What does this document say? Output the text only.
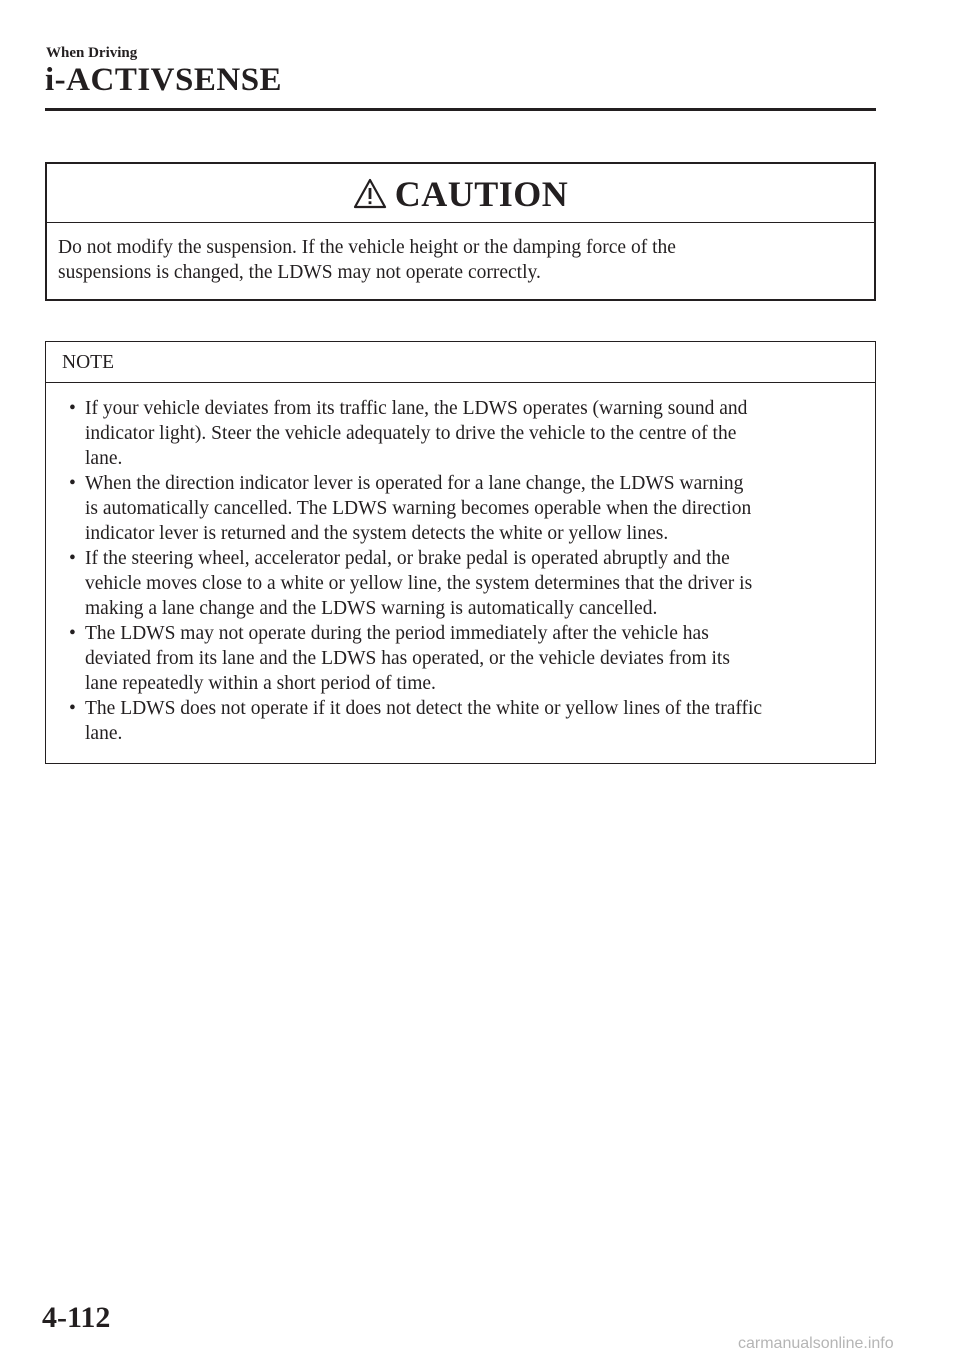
When Driving
i-ACTIVSENSE
CAUTION
Do not modify the suspension. If the vehicle height or the damping force of the
suspensions is changed, the LDWS may not operate correctly.
NOTE
• If your vehicle deviates from its traffic lane, the LDWS operates (warning sound and
indicator light). Steer the vehicle adequately to drive the vehicle to the centre of the
lane.
• When the direction indicator lever is operated for a lane change, the LDWS warning
is automatically cancelled. The LDWS warning becomes operable when the direction
indicator lever is returned and the system detects the white or yellow lines.
• If the steering wheel, accelerator pedal, or brake pedal is operated abruptly and the
vehicle moves close to a white or yellow line, the system determines that the driver is
making a lane change and the LDWS warning is automatically cancelled.
• The LDWS may not operate during the period immediately after the vehicle has
deviated from its lane and the LDWS has operated, or the vehicle deviates from its
lane repeatedly within a short period of time.
• The LDWS does not operate if it does not detect the white or yellow lines of the traffic
lane.
4-112
carmanualsonline.info
